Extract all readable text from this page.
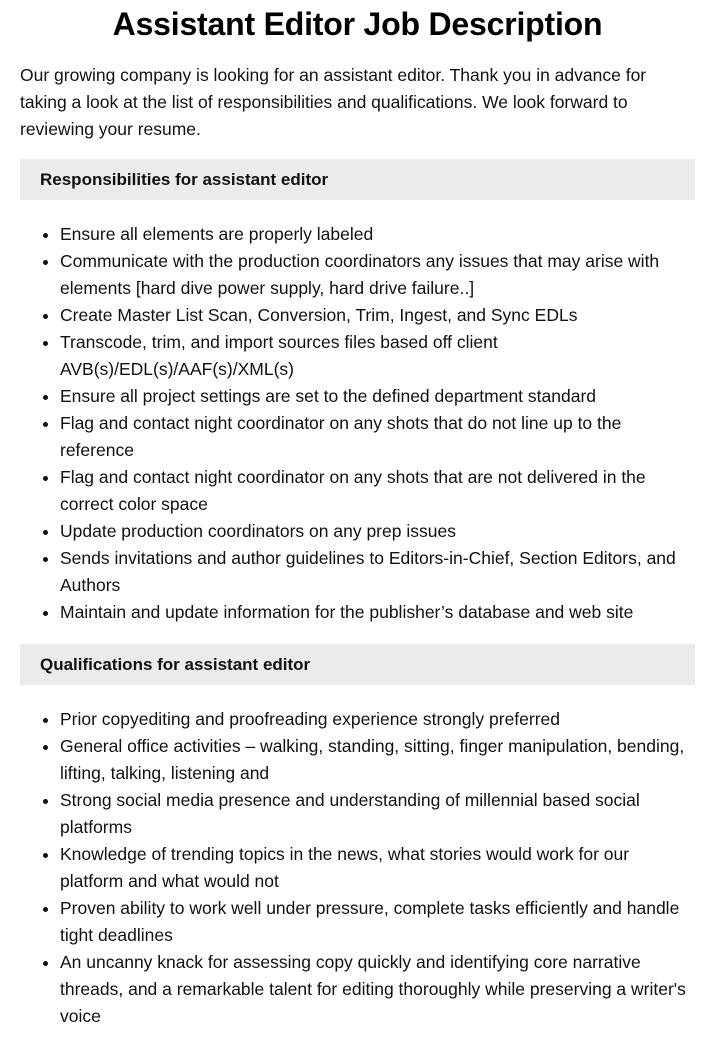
Assistant Editor Job Description

Our growing company is looking for an assistant editor. Thank you in advance for taking a look at the list of responsibilities and qualifications. We look forward to reviewing your resume.

Responsibilities for assistant editor
Ensure all elements are properly labeled
Communicate with the production coordinators any issues that may arise with elements [hard dive power supply, hard drive failure..]
Create Master List Scan, Conversion, Trim, Ingest, and Sync EDLs
Transcode, trim, and import sources files based off client AVB(s)/EDL(s)/AAF(s)/XML(s)
Ensure all project settings are set to the defined department standard
Flag and contact night coordinator on any shots that do not line up to the reference
Flag and contact night coordinator on any shots that are not delivered in the correct color space
Update production coordinators on any prep issues
Sends invitations and author guidelines to Editors-in-Chief, Section Editors, and Authors
Maintain and update information for the publisher’s database and web site
Qualifications for assistant editor
Prior copyediting and proofreading experience strongly preferred
General office activities – walking, standing, sitting, finger manipulation, bending, lifting, talking, listening and
Strong social media presence and understanding of millennial based social platforms
Knowledge of trending topics in the news, what stories would work for our platform and what would not
Proven ability to work well under pressure, complete tasks efficiently and handle tight deadlines
An uncanny knack for assessing copy quickly and identifying core narrative threads, and a remarkable talent for editing thoroughly while preserving a writer's voice
